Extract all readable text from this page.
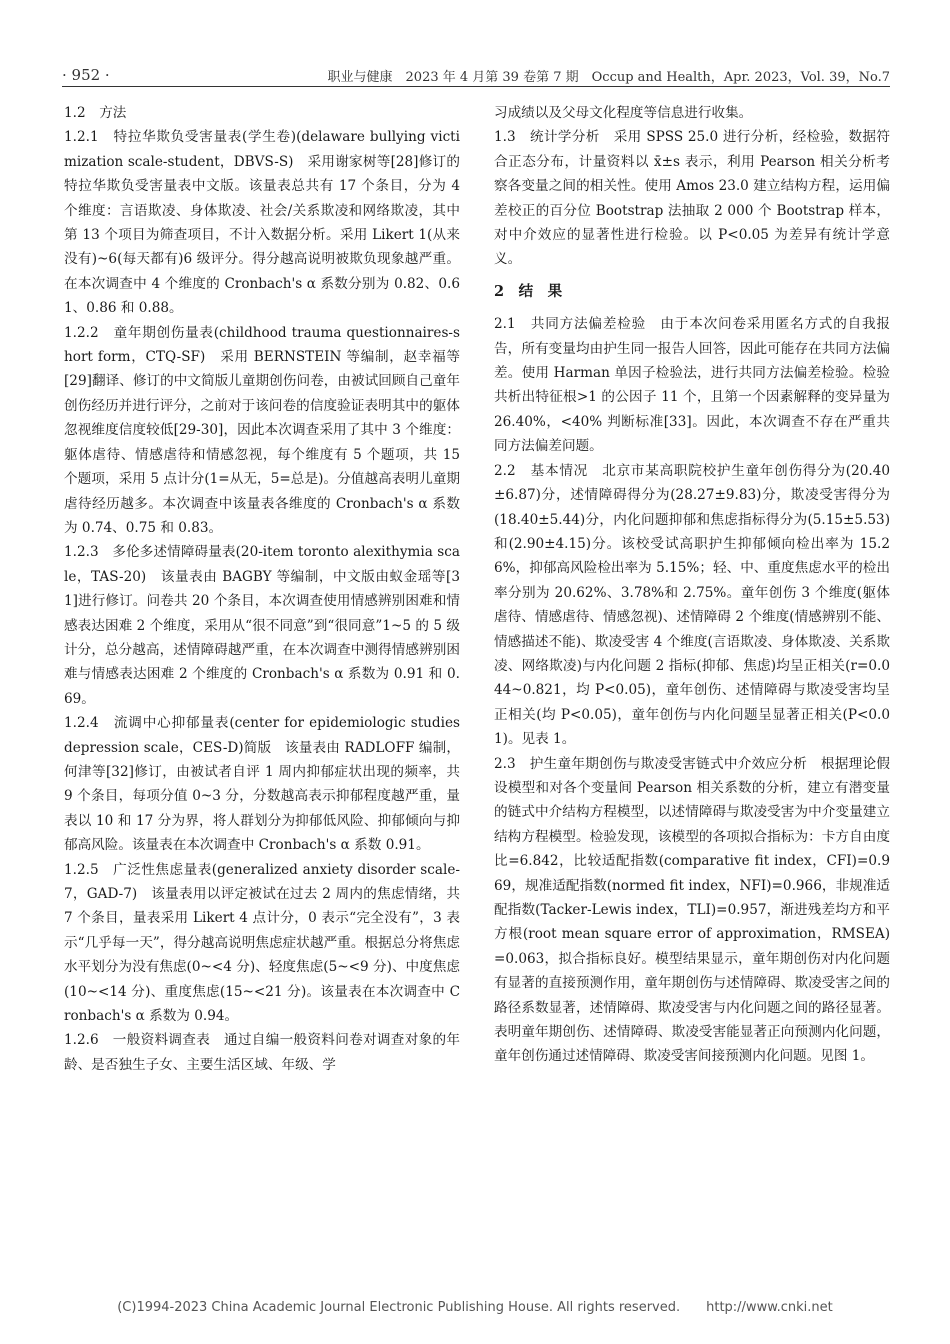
· 952 ·	职业与健康　2023 年 4 月第 39 卷第 7 期　Occup and Health，Apr. 2023，Vol. 39，No.7

1.2　方法

1.2.1　特拉华欺负受害量表(学生卷)(delaware bullying victimization scale-student，DBVS-S)　采用谢家树等[28]修订的特拉华欺负受害量表中文版。该量表总共有 17 个条目，分为 4 个维度：言语欺凌、身体欺凌、社会/关系欺凌和网络欺凌，其中第 13 个项目为筛查项目，不计入数据分析。采用 Likert 1(从来没有)~6(每天都有)6 级评分。得分越高说明被欺负现象越严重。在本次调查中 4 个维度的 Cronbach's α 系数分别为 0.82、0.61、0.86 和 0.88。

1.2.2　童年期创伤量表(childhood trauma questionnaires-short form，CTQ-SF)　采用 BERNSTEIN 等编制，赵幸福等[29]翻译、修订的中文简版儿童期创伤问卷，由被试回顾自己童年创伤经历并进行评分，之前对于该问卷的信度验证表明其中的躯体忽视维度信度较低[29-30]，因此本次调查采用了其中 3 个维度：躯体虐待、情感虐待和情感忽视，每个维度有 5 个题项，共 15 个题项，采用 5 点计分(1=从无，5=总是)。分值越高表明儿童期虐待经历越多。本次调查中该量表各维度的 Cronbach's α 系数为 0.74、0.75 和 0.83。

1.2.3　多伦多述情障碍量表(20-item toronto alexithymia scale，TAS-20)　该量表由 BAGBY 等编制，中文版由蚁金瑶等[31]进行修订。问卷共 20 个条目，本次调查使用情感辨别困难和情感表达困难 2 个维度，采用从“很不同意”到“很同意”1~5 的 5 级计分，总分越高，述情障碍越严重，在本次调查中测得情感辨别困难与情感表达困难 2 个维度的 Cronbach's α 系数为 0.91 和 0.69。

1.2.4　流调中心抑郁量表(center for epidemiologic studies depression scale，CES-D)简版　该量表由 RADLOFF 编制，何津等[32]修订，由被试者自评 1 周内抑郁症状出现的频率，共 9 个条目，每项分值 0~3 分，分数越高表示抑郁程度越严重，量表以 10 和 17 分为界，将人群划分为抑郁低风险、抑郁倾向与抑郁高风险。该量表在本次调查中 Cronbach's α 系数 0.91。

1.2.5　广泛性焦虑量表(generalized anxiety disorder scale-7，GAD-7)　该量表用以评定被试在过去 2 周内的焦虑情绪，共 7 个条目，量表采用 Likert 4 点计分，0 表示“完全没有”，3 表示“几乎每一天”，得分越高说明焦虑症状越严重。根据总分将焦虑水平划分为没有焦虑(0~<4 分)、轻度焦虑(5~<9 分)、中度焦虑(10~<14 分)、重度焦虑(15~<21 分)。该量表在本次调查中 Cronbach's α 系数为 0.94。

1.2.6　一般资料调查表　通过自编一般资料问卷对调查对象的年龄、是否独生子女、主要生活区域、年级、学

习成绩以及父母文化程度等信息进行收集。

1.3　统计学分析　采用 SPSS 25.0 进行分析，经检验，数据符合正态分布，计量资料以 x̄±s 表示，利用 Pearson 相关分析考察各变量之间的相关性。使用 Amos 23.0 建立结构方程，运用偏差校正的百分位 Bootstrap 法抽取 2 000 个 Bootstrap 样本，对中介效应的显著性进行检验。以 P<0.05 为差异有统计学意义。

2　结　果

2.1　共同方法偏差检验　由于本次问卷采用匿名方式的自我报告，所有变量均由护生同一报告人回答，因此可能存在共同方法偏差。使用 Harman 单因子检验法，进行共同方法偏差检验。检验共析出特征根>1 的公因子 11 个，且第一个因素解释的变异量为 26.40%，<40% 判断标准[33]。因此，本次调查不存在严重共同方法偏差问题。

2.2　基本情况　北京市某高职院校护生童年创伤得分为(20.40±6.87)分，述情障碍得分为(28.27±9.83)分，欺凌受害得分为(18.40±5.44)分，内化问题抑郁和焦虑指标得分为(5.15±5.53)和(2.90±4.15)分。该校受试高职护生抑郁倾向检出率为 15.26%，抑郁高风险检出率为 5.15%；轻、中、重度焦虑水平的检出率分别为 20.62%、3.78%和 2.75%。童年创伤 3 个维度(躯体虐待、情感虐待、情感忽视)、述情障碍 2 个维度(情感辨别不能、情感描述不能)、欺凌受害 4 个维度(言语欺凌、身体欺凌、关系欺凌、网络欺凌)与内化问题 2 指标(抑郁、焦虑)均呈正相关(r=0.044~0.821，均 P<0.05)，童年创伤、述情障碍与欺凌受害均呈正相关(均 P<0.05)，童年创伤与内化问题呈显著正相关(P<0.01)。见表 1。

2.3　护生童年期创伤与欺凌受害链式中介效应分析　根据理论假设模型和对各个变量间 Pearson 相关系数的分析，建立有潜变量的链式中介结构方程模型，以述情障碍与欺凌受害为中介变量建立结构方程模型。检验发现，该模型的各项拟合指标为：卡方自由度比=6.842，比较适配指数(comparative fit index，CFI)=0.969，规准适配指数(normed fit index，NFI)=0.966，非规准适配指数(Tacker-Lewis index，TLI)=0.957，渐进残差均方和平方根(root mean square error of approximation，RMSEA)=0.063，拟合指标良好。模型结果显示，童年期创伤对内化问题有显著的直接预测作用，童年期创伤与述情障碍、欺凌受害之间的路径系数显著，述情障碍、欺凌受害与内化问题之间的路径显著。表明童年期创伤、述情障碍、欺凌受害能显著正向预测内化问题，童年创伤通过述情障碍、欺凌受害间接预测内化问题。见图 1。

(C)1994-2023 China Academic Journal Electronic Publishing House. All rights reserved.　　http://www.cnki.net
